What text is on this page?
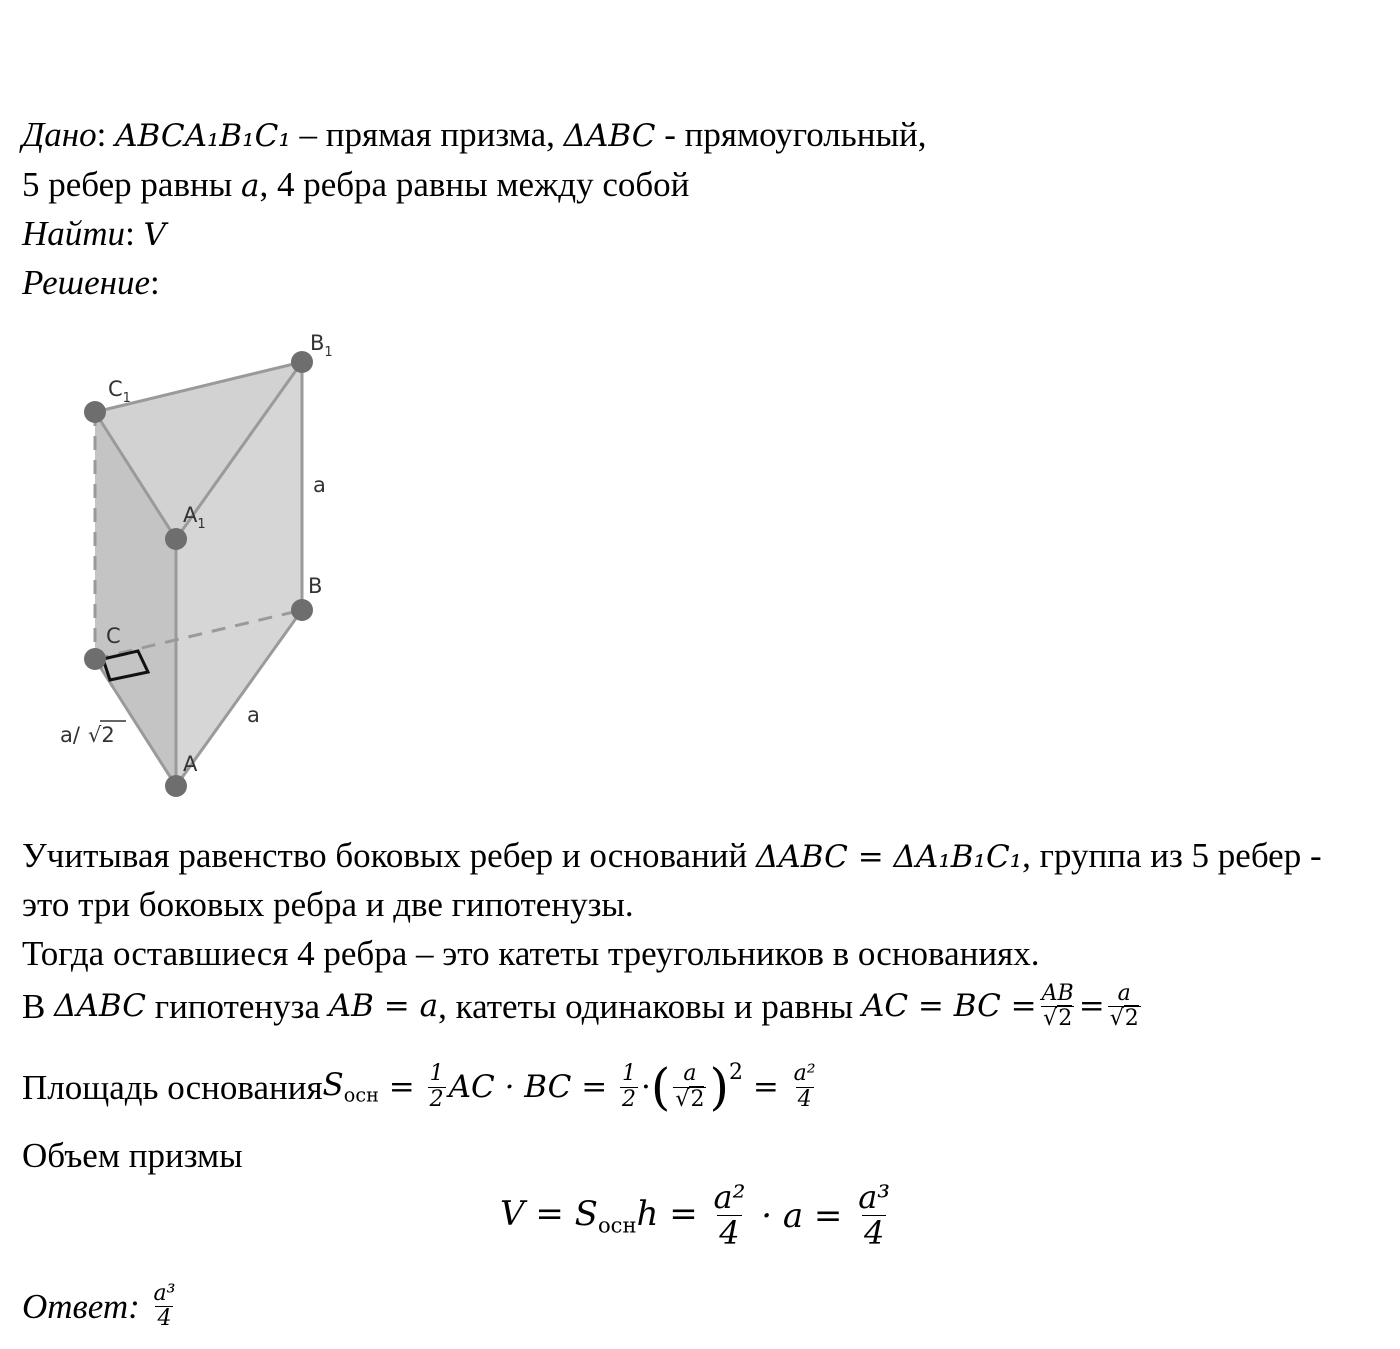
Дано: ABCA₁B₁C₁ – прямая призма, ΔABC - прямоугольный,
5 ребер равны a, 4 ребра равны между собой
Найти: V
Решение:
$C_1$
$B_1$
$A_1$
B
C
A
a
a
a/ √2
Учитывая равенство боковых ребер и оснований ΔABC = ΔA₁B₁C₁, группа из 5 ребер -
это три боковых ребра и две гипотенузы.
Тогда оставшиеся 4 ребра – это катеты треугольников в основаниях.
В
ΔABC
гипотенуза
AB = a , катеты одинаковы и равны
AC = BC = $\frac{AB}{√2} = \frac{a}{√2}$
Площадь основания $S_{осн} = \frac{1}{2}$ AC · BC = $\frac{1}{2}$ · ( $\frac{a}{√2}$ ) $2 = \frac{\text{a²}}{4}$
Объем призмы
$V = S_{осн}h = \frac{\text{a²}}{4} \cdot a = \frac{\text{a³}}{4}$
Ответ:
$\frac{\text{a³}}{4}$
